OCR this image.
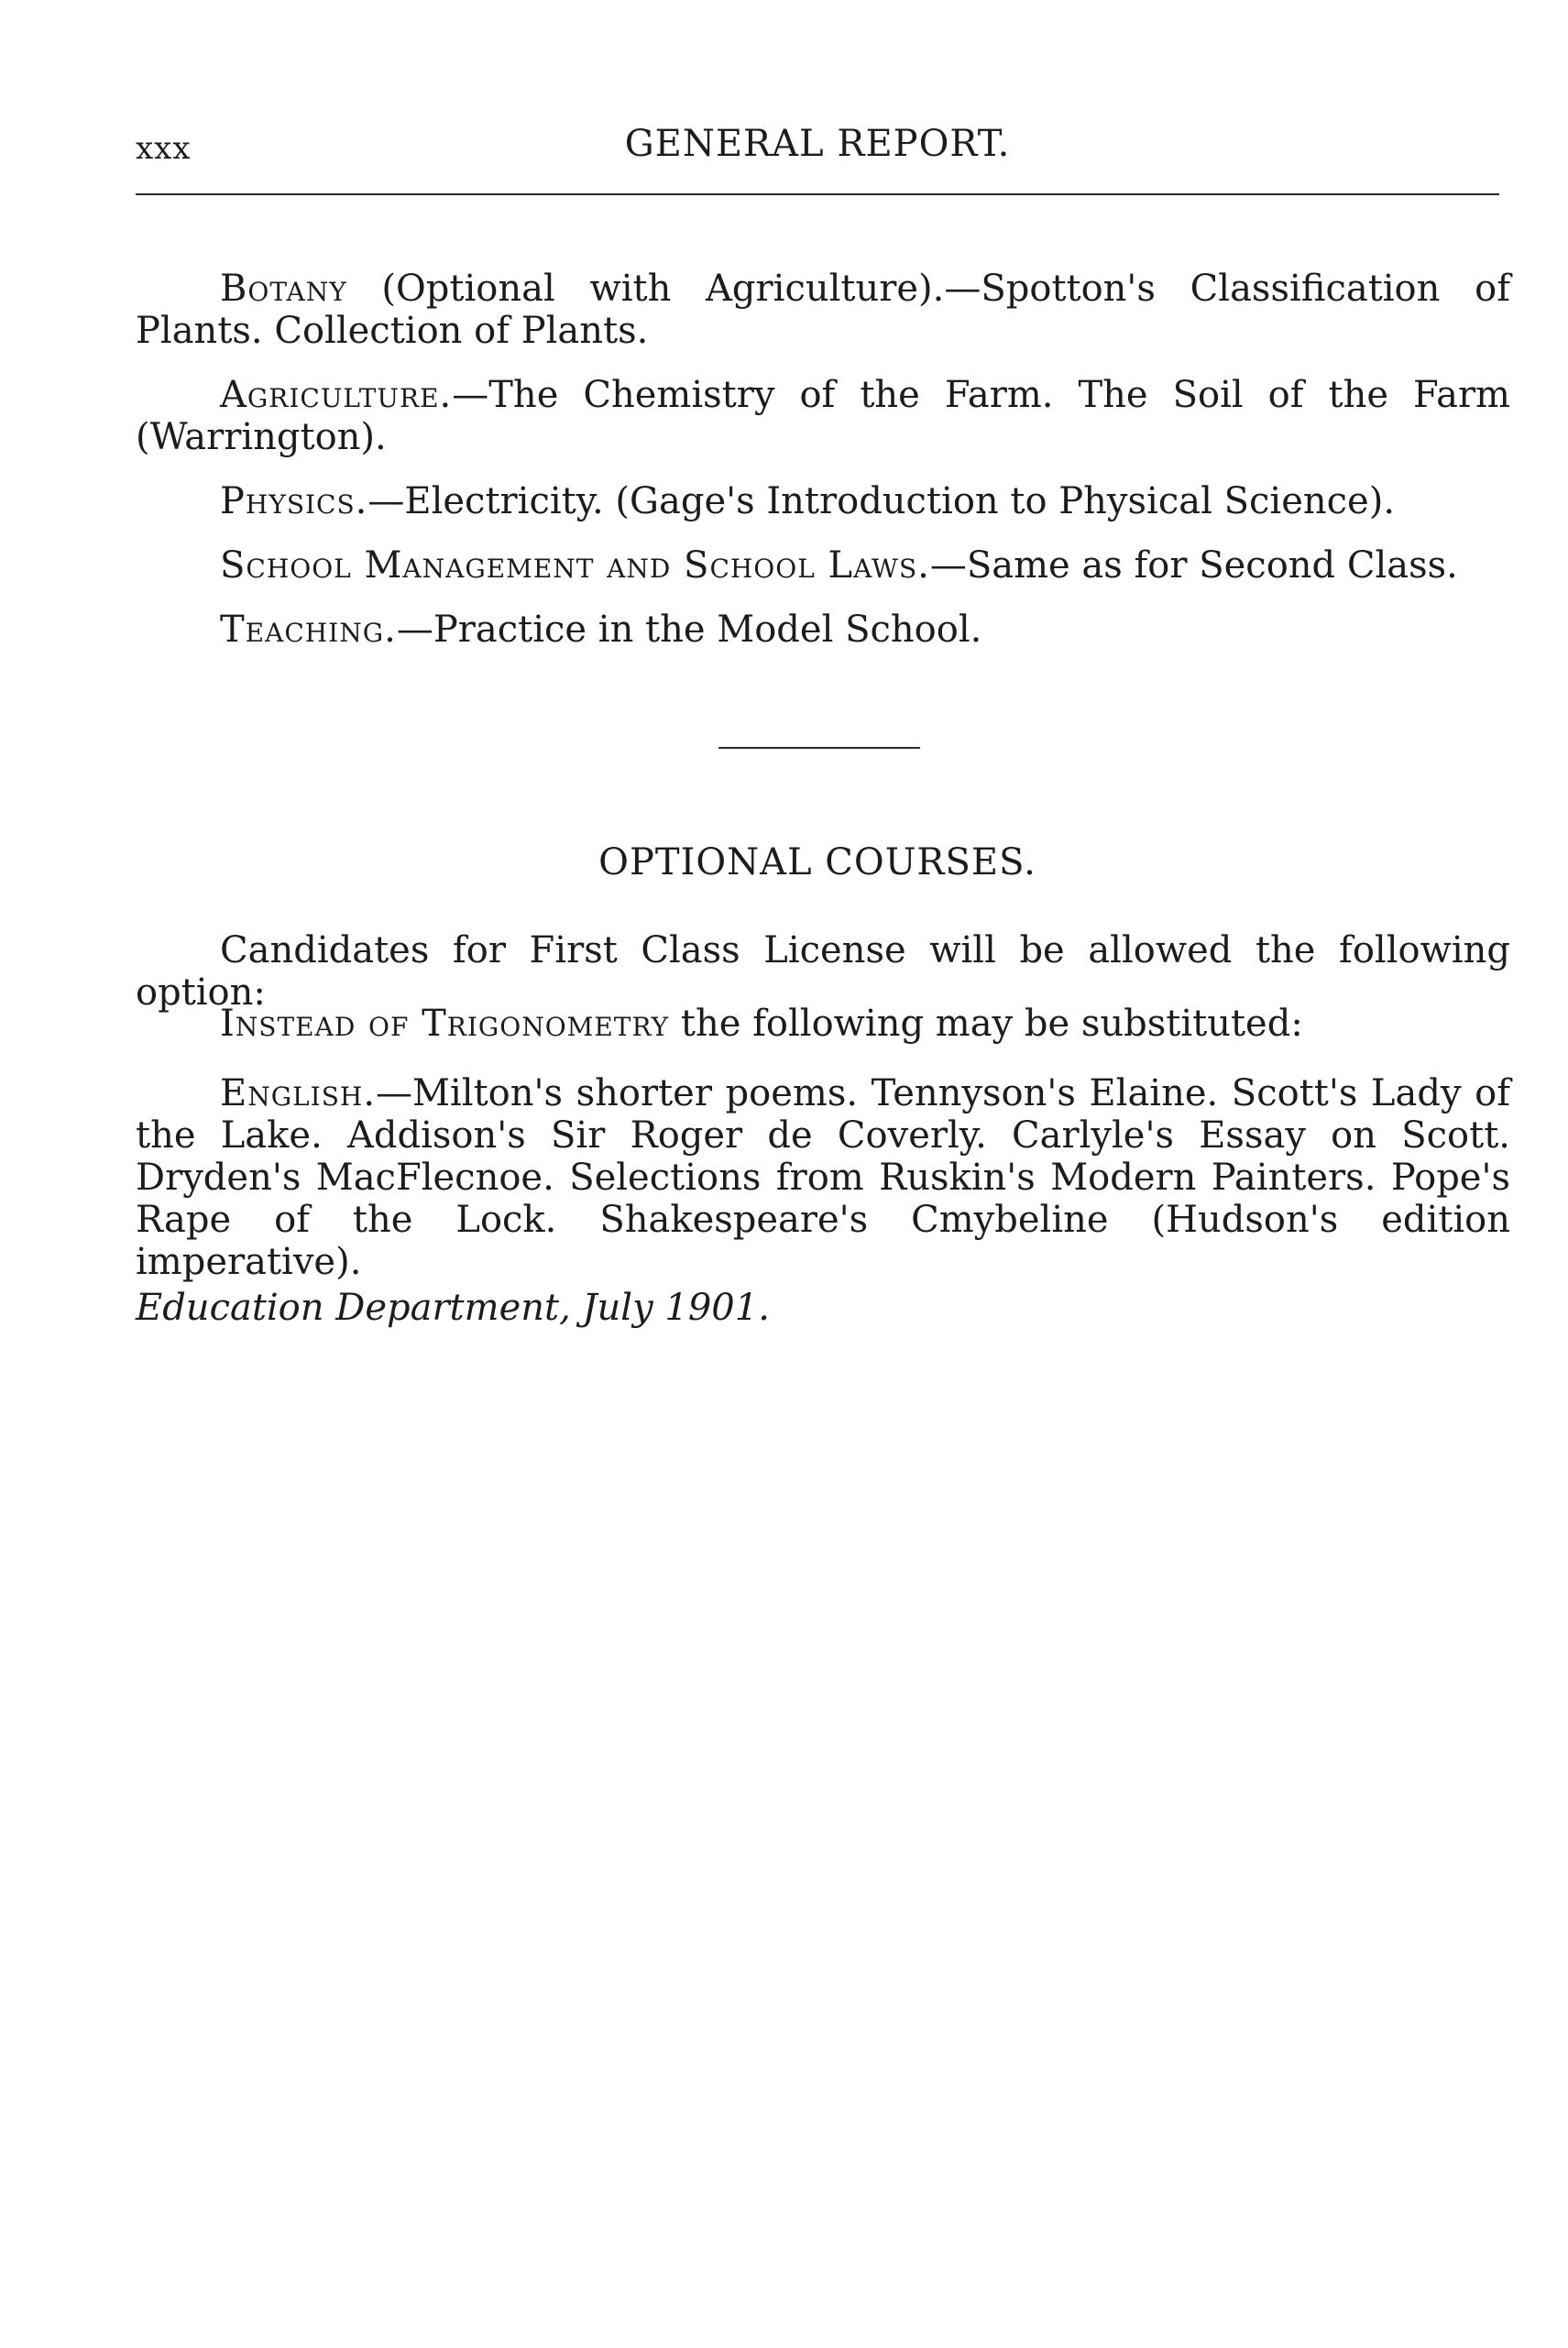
xxx	GENERAL REPORT.
Botany (Optional with Agriculture).—Spotton's Classification of Plants. Collection of Plants.
Agriculture.—The Chemistry of the Farm. The Soil of the Farm (Warrington).
Physics.—Electricity. (Gage's Introduction to Physical Science).
School Management and School Laws.—Same as for Second Class.
Teaching.—Practice in the Model School.
OPTIONAL COURSES.
Candidates for First Class License will be allowed the following option:
Instead of Trigonometry the following may be substituted:
English.—Milton's shorter poems. Tennyson's Elaine. Scott's Lady of the Lake. Addison's Sir Roger de Coverly. Carlyle's Essay on Scott. Dryden's MacFlecnoe. Selections from Ruskin's Modern Painters. Pope's Rape of the Lock. Shakespeare's Cmybeline (Hudson's edition imperative).
Education Department, July 1901.
